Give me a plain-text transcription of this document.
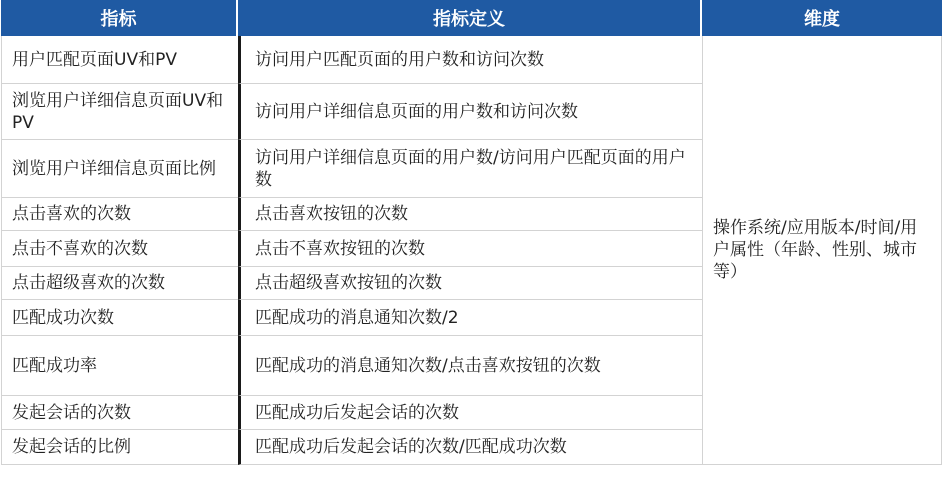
指标	指标定义	维度
用户匹配页面UV和PV	访问用户匹配页面的用户数和访问次数	操作系统/应用版本/时间/用户属性（年龄、性别、城市等）
浏览用户详细信息页面UV和PV	访问用户详细信息页面的用户数和访问次数	
浏览用户详细信息页面比例	访问用户详细信息页面的用户数/访问用户匹配页面的用户数	
点击喜欢的次数	点击喜欢按钮的次数	
点击不喜欢的次数	点击不喜欢按钮的次数	
点击超级喜欢的次数	点击超级喜欢按钮的次数	
匹配成功次数	匹配成功的消息通知次数/2	
匹配成功率	匹配成功的消息通知次数/点击喜欢按钮的次数	
发起会话的次数	匹配成功后发起会话的次数	
发起会话的比例	匹配成功后发起会话的次数/匹配成功次数	
